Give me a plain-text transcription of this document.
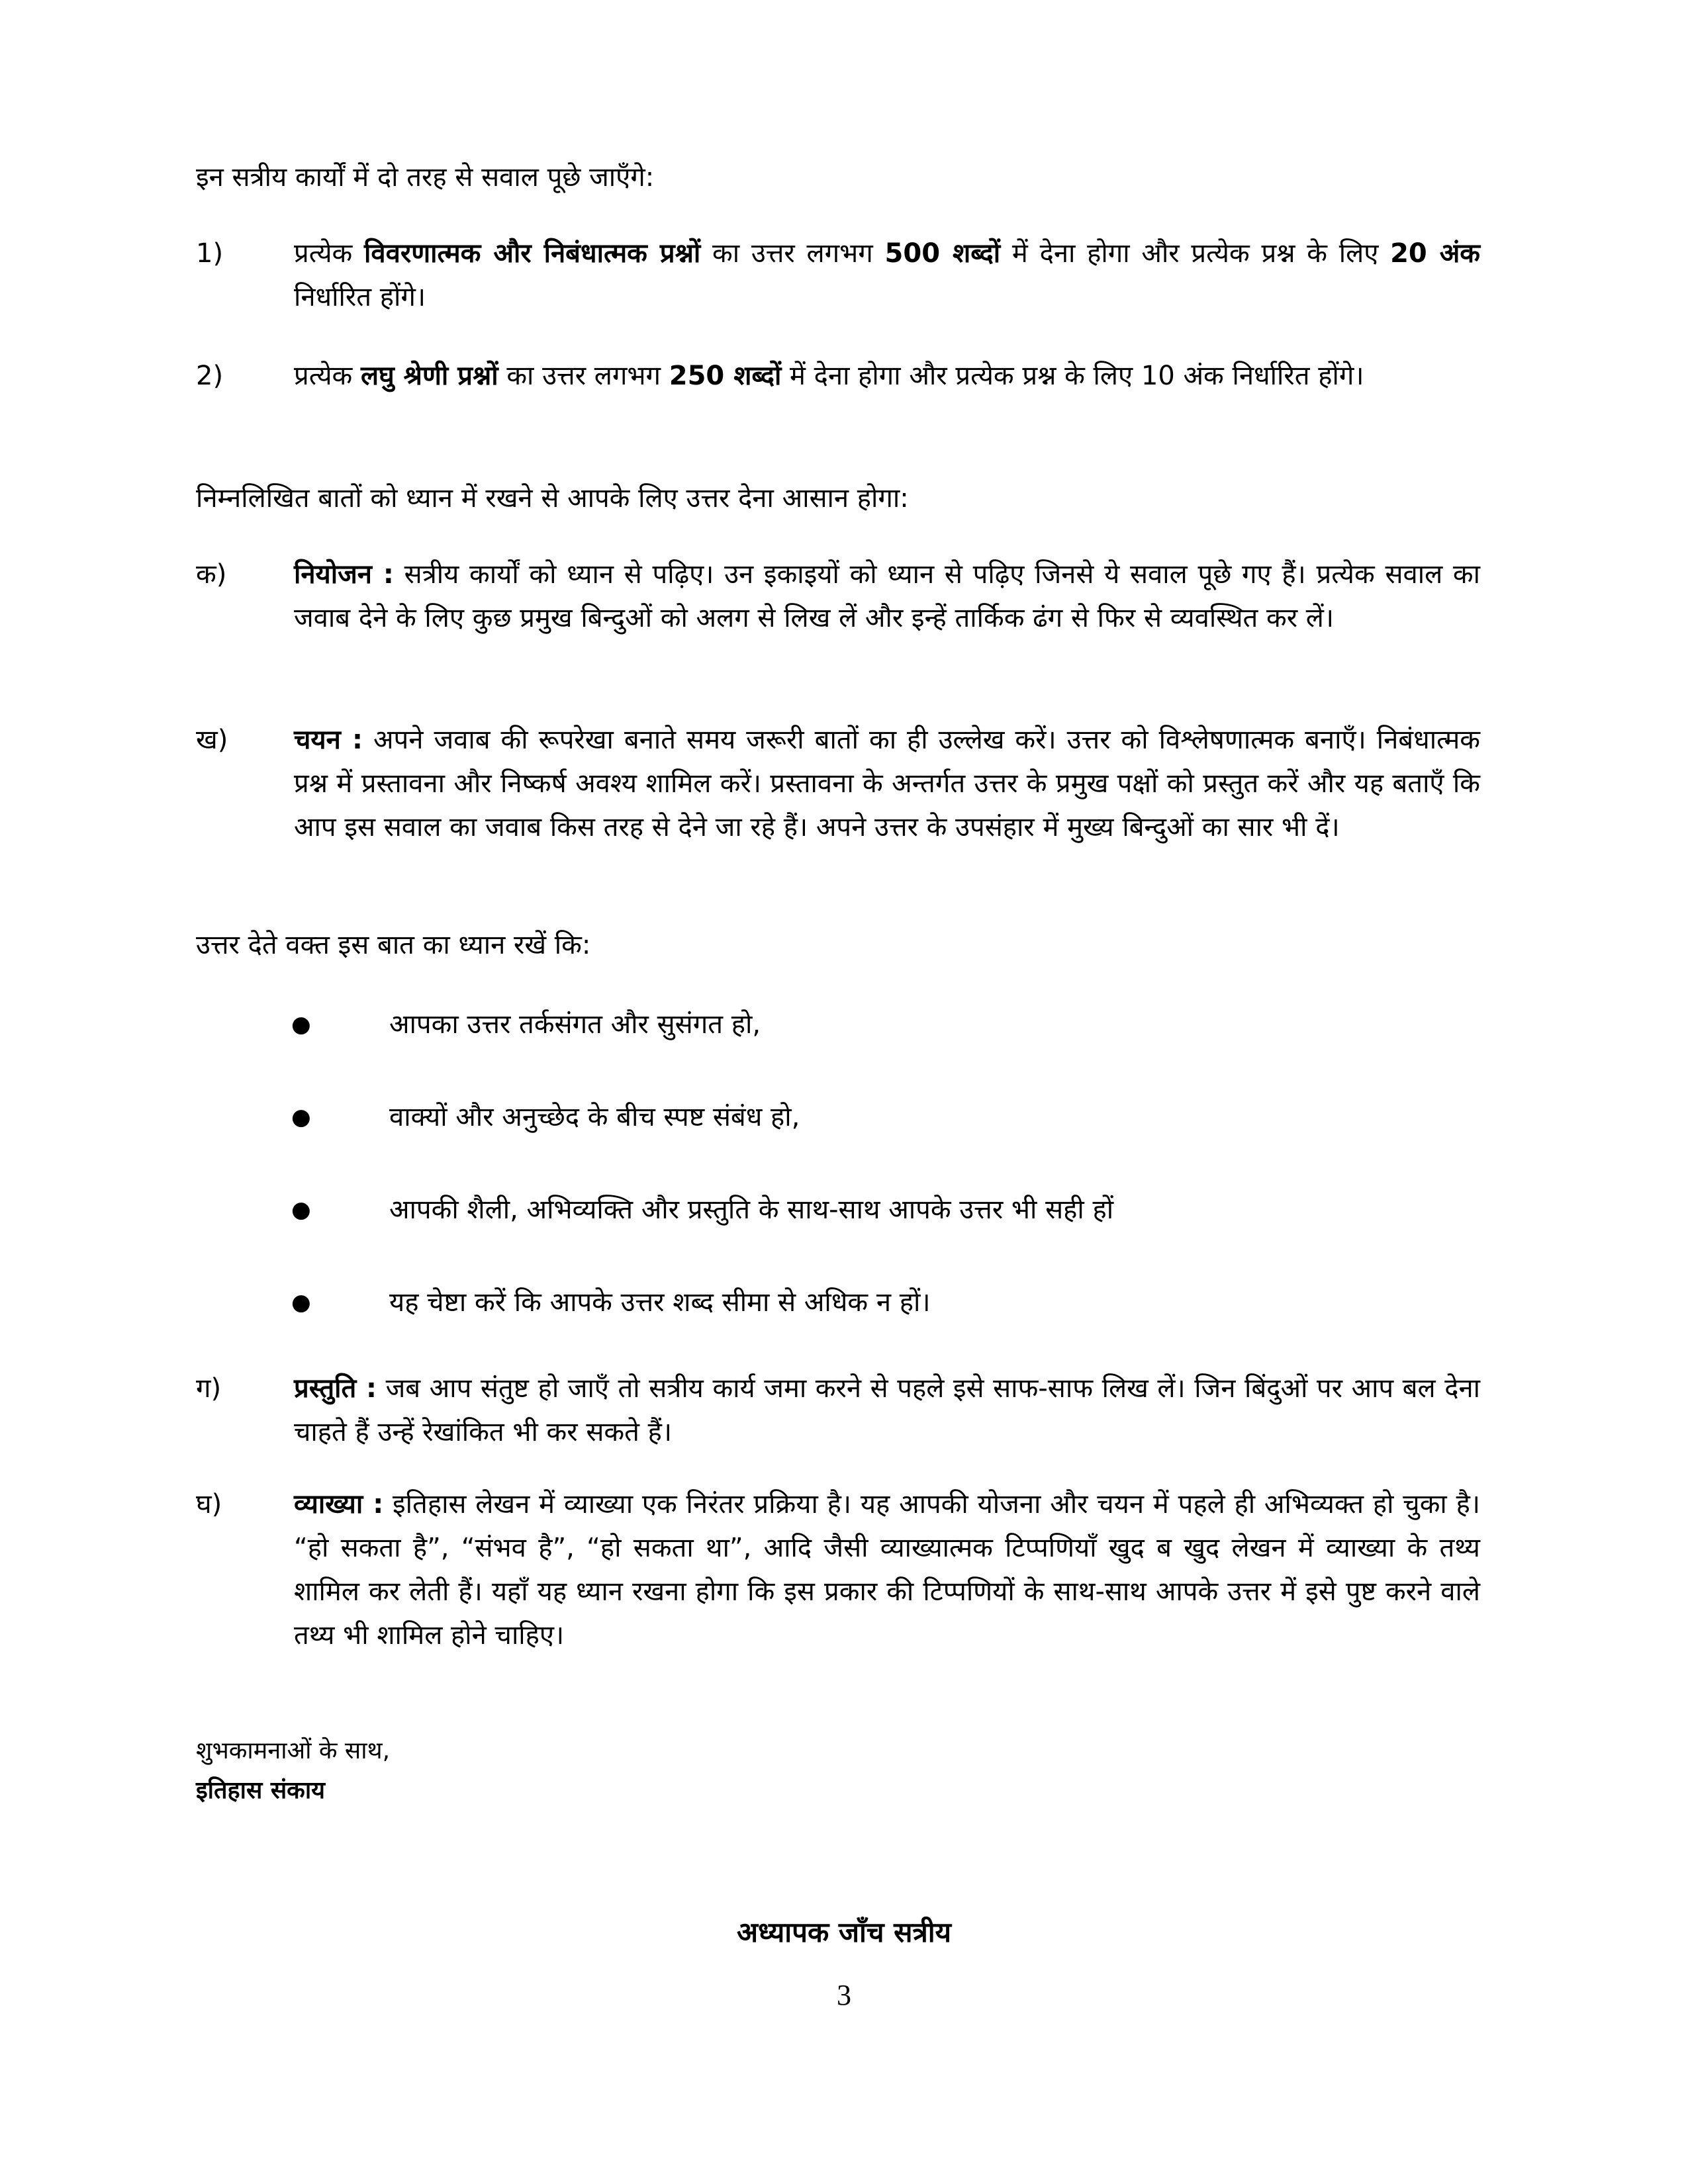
इन सत्रीय कार्यों में दो तरह से सवाल पूछे जाएँगे:

1)	प्रत्येक विवरणात्मक और निबंधात्मक प्रश्नों का उत्तर लगभग 500 शब्दों में देना होगा और प्रत्येक प्रश्न के लिए 20 अंक निर्धारित होंगे।
2)	प्रत्येक लघु श्रेणी प्रश्नों का उत्तर लगभग 250 शब्दों में देना होगा और प्रत्येक प्रश्न के लिए 10 अंक निर्धारित होंगे।

निम्नलिखित बातों को ध्यान में रखने से आपके लिए उत्तर देना आसान होगा:

क)	नियोजन : सत्रीय कार्यों को ध्यान से पढ़िए। उन इकाइयों को ध्यान से पढ़िए जिनसे ये सवाल पूछे गए हैं। प्रत्येक सवाल का जवाब देने के लिए कुछ प्रमुख बिन्दुओं को अलग से लिख लें और इन्हें तार्किक ढंग से फिर से व्यवस्थित कर लें।
ख)	चयन : अपने जवाब की रूपरेखा बनाते समय जरूरी बातों का ही उल्लेख करें। उत्तर को विश्लेषणात्मक बनाएँ। निबंधात्मक प्रश्न में प्रस्तावना और निष्कर्ष अवश्य शामिल करें। प्रस्तावना के अन्तर्गत उत्तर के प्रमुख पक्षों को प्रस्तुत करें और यह बताएँ कि आप इस सवाल का जवाब किस तरह से देने जा रहे हैं। अपने उत्तर के उपसंहार में मुख्य बिन्दुओं का सार भी दें।

उत्तर देते वक्त इस बात का ध्यान रखें कि:

●	आपका उत्तर तर्कसंगत और सुसंगत हो,
●	वाक्यों और अनुच्छेद के बीच स्पष्ट संबंध हो,
●	आपकी शैली, अभिव्यक्ति और प्रस्तुति के साथ-साथ आपके उत्तर भी सही हों
●	यह चेष्टा करें कि आपके उत्तर शब्द सीमा से अधिक न हों।
ग)	प्रस्तुति : जब आप संतुष्ट हो जाएँ तो सत्रीय कार्य जमा करने से पहले इसे साफ-साफ लिख लें। जिन बिंदुओं पर आप बल देना चाहते हैं उन्हें रेखांकित भी कर सकते हैं।
घ)	व्याख्या : इतिहास लेखन में व्याख्या एक निरंतर प्रक्रिया है। यह आपकी योजना और चयन में पहले ही अभिव्यक्त हो चुका है। “हो सकता है”, “संभव है”, “हो सकता था”, आदि जैसी व्याख्यात्मक टिप्पणियाँ खुद ब खुद लेखन में व्याख्या के तथ्य शामिल कर लेती हैं। यहाँ यह ध्यान रखना होगा कि इस प्रकार की टिप्पणियों के साथ-साथ आपके उत्तर में इसे पुष्ट करने वाले तथ्य भी शामिल होने चाहिए।

शुभकामनाओं के साथ,

इतिहास संकाय

अध्यापक जाँच सत्रीय
3
